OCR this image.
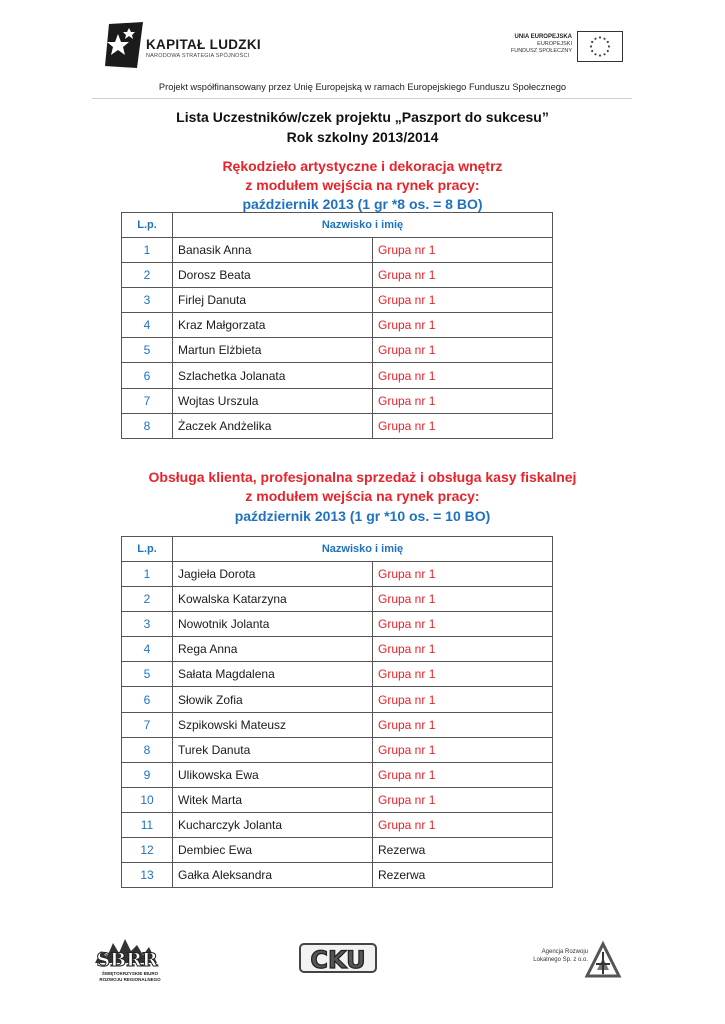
KAPITAŁ LUDZKI
NARODOWA STRATEGIA SPÓJNOŚCI
UNIA EUROPEJSKA
EUROPEJSKI
FUNDUSZ SPOŁECZNY
Projekt współfinansowany przez Unię Europejską w ramach Europejskiego Funduszu Społecznego
Lista Uczestników/czek projektu „Paszport do sukcesu”
Rok szkolny 2013/2014
Rękodzieło artystyczne i dekoracja wnętrz
z modułem wejścia na rynek pracy:
październik 2013 (1 gr *8 os. = 8 BO)
L.p.	Nazwisko i imię	
1	Banasik Anna	Grupa nr 1
2	Dorosz Beata	Grupa nr 1
3	Firlej Danuta	Grupa nr 1
4	Kraz Małgorzata	Grupa nr 1
5	Martun Elżbieta	Grupa nr 1
6	Szlachetka Jolanata	Grupa nr 1
7	Wojtas Urszula	Grupa nr 1
8	Żaczek Andżelika	Grupa nr 1
Obsługa klienta, profesjonalna sprzedaż i obsługa kasy fiskalnej
z modułem wejścia na rynek pracy:
październik 2013 (1 gr *10 os. = 10 BO)
L.p.	Nazwisko i imię	
1	Jagieła Dorota	Grupa nr 1
2	Kowalska Katarzyna	Grupa nr 1
3	Nowotnik Jolanta	Grupa nr 1
4	Rega Anna	Grupa nr 1
5	Sałata Magdalena	Grupa nr 1
6	Słowik Zofia	Grupa nr 1
7	Szpikowski Mateusz	Grupa nr 1
8	Turek Danuta	Grupa nr 1
9	Ulikowska Ewa	Grupa nr 1
10	Witek Marta	Grupa nr 1
11	Kucharczyk Jolanta	Grupa nr 1
12	Dembiec Ewa	Rezerwa
13	Gałka Aleksandra	Rezerwa
SBRR
ŚWIĘTOKRZYSKIE BIURO
ROZWOJU REGIONALNEGO
CKU	Agencja Rozwoju
Lokalnego Sp. z o.o.
